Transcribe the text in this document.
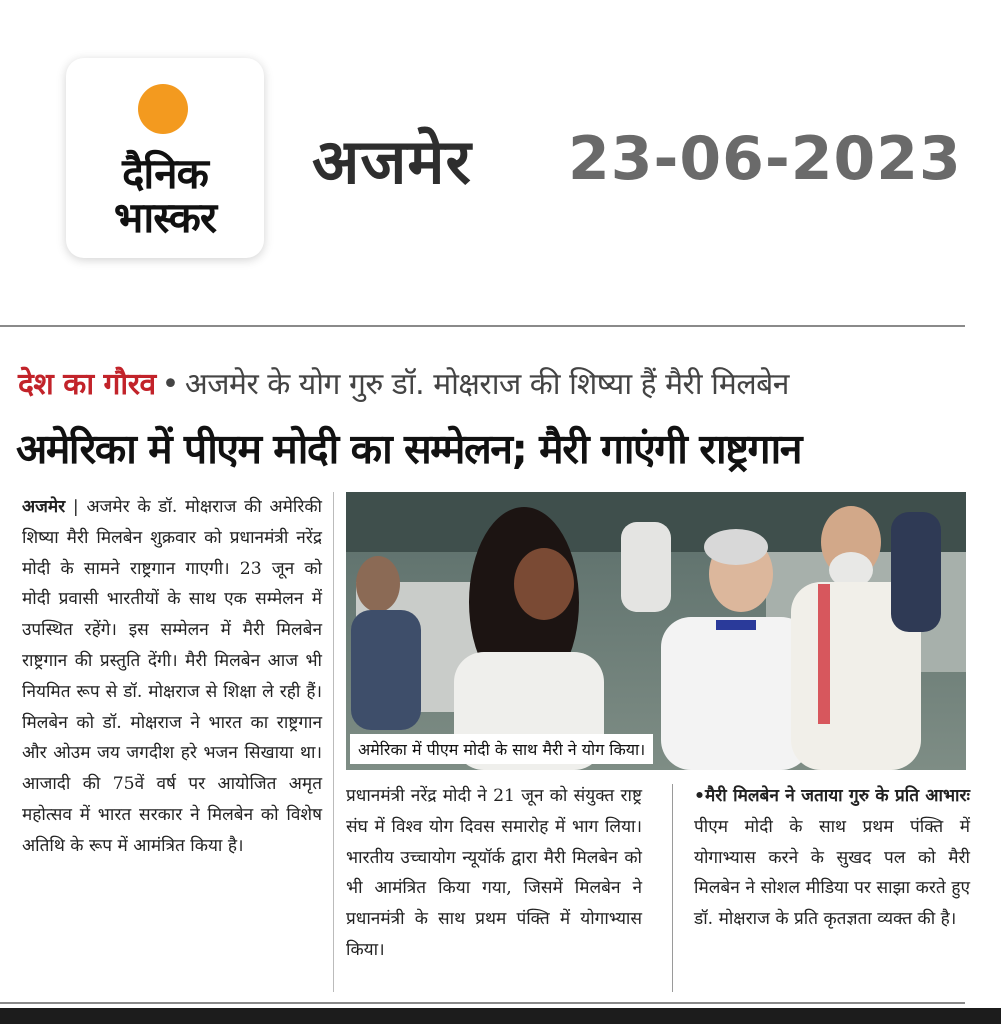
दैनिक
भास्कर
अजमेर 23-06-2023
देश का गौरव • अजमेर के योग गुरु डॉ. मोक्षराज की शिष्या हैं मैरी मिलबेन
अमेरिका में पीएम मोदी का सम्मेलन; मैरी गाएंगी राष्ट्रगान
अजमेर | अजमेर के डॉ. मोक्षराज की अमेरिकी शिष्या मैरी मिलबेन शुक्रवार को प्रधानमंत्री नरेंद्र मोदी के सामने राष्ट्रगान गाएगी। 23 जून को मोदी प्रवासी भारतीयों के साथ एक सम्मेलन में उपस्थित रहेंगे। इस सम्मेलन में मैरी मिलबेन राष्ट्रगान की प्रस्तुति देंगी। मैरी मिलबेन आज भी नियमित रूप से डॉ. मोक्षराज से शिक्षा ले रही हैं। मिलबेन को डॉ. मोक्षराज ने भारत का राष्ट्रगान और ओउम जय जगदीश हरे भजन सिखाया था। आजादी की 75वें वर्ष पर आयोजित अमृत महोत्सव में भारत सरकार ने मिलबेन को विशेष अतिथि के रूप में आमंत्रित किया है।
अमेरिका में पीएम मोदी के साथ मैरी ने योग किया।
प्रधानमंत्री नरेंद्र मोदी ने 21 जून को संयुक्त राष्ट्र संघ में विश्व योग दिवस समारोह में भाग लिया। भारतीय उच्चायोग न्यूयॉर्क द्वारा मैरी मिलबेन को भी आमंत्रित किया गया, जिसमें मिलबेन ने प्रधानमंत्री के साथ प्रथम पंक्ति में योगाभ्यास किया।
•मैरी मिलबेन ने जताया गुरु के प्रति आभारः पीएम मोदी के साथ प्रथम पंक्ति में योगाभ्यास करने के सुखद पल को मैरी मिलबेन ने सोशल मीडिया पर साझा करते हुए डॉ. मोक्षराज के प्रति कृतज्ञता व्यक्त की है।
